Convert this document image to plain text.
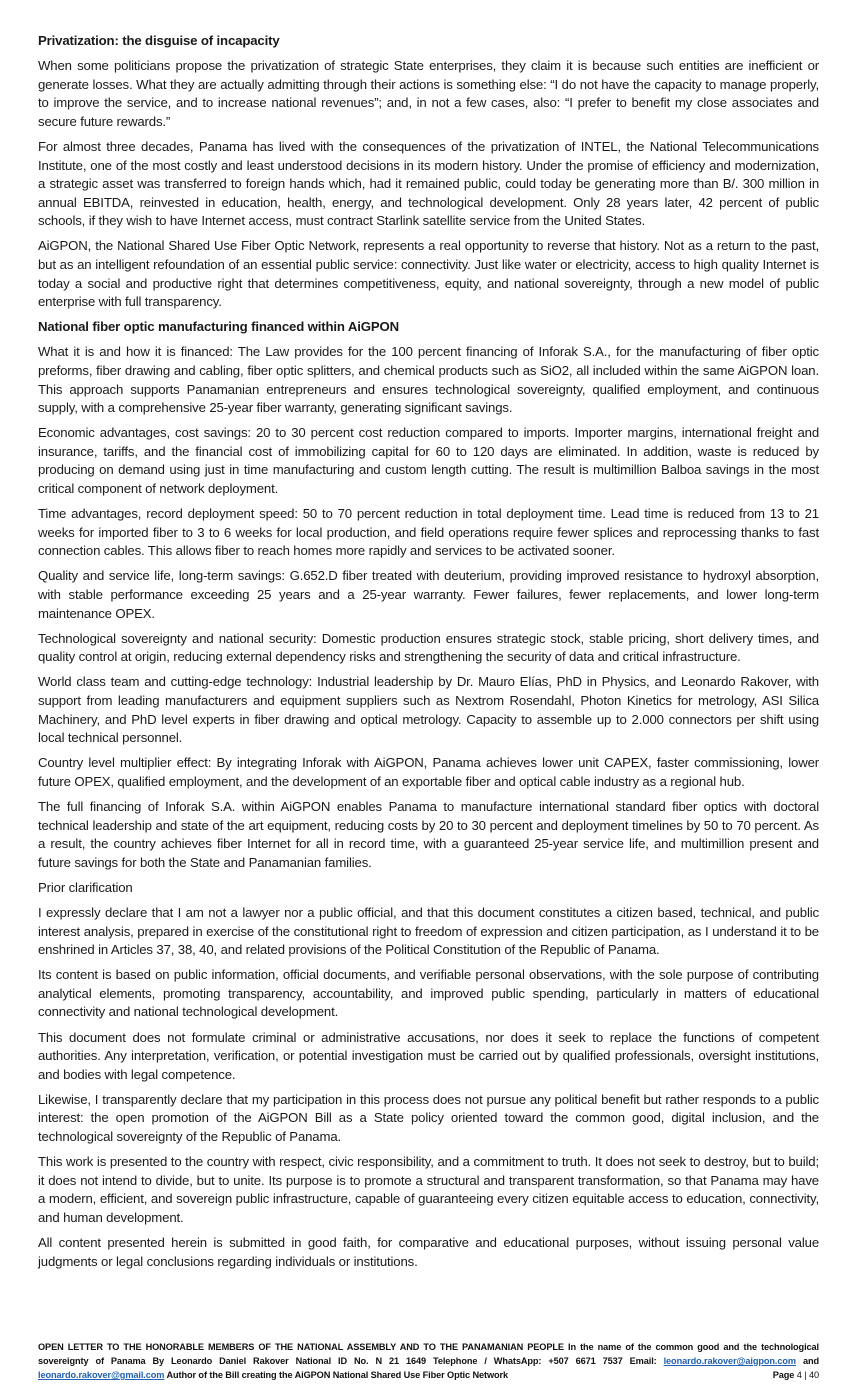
Privatization: the disguise of incapacity

When some politicians propose the privatization of strategic State enterprises, they claim it is because such entities are inefficient or generate losses. What they are actually admitting through their actions is something else: “I do not have the capacity to manage properly, to improve the service, and to increase national revenues”; and, in not a few cases, also: “I prefer to benefit my close associates and secure future rewards.”

For almost three decades, Panama has lived with the consequences of the privatization of INTEL, the National Telecommunications Institute, one of the most costly and least understood decisions in its modern history. Under the promise of efficiency and modernization, a strategic asset was transferred to foreign hands which, had it remained public, could today be generating more than B/. 300 million in annual EBITDA, reinvested in education, health, energy, and technological development. Only 28 years later, 42 percent of public schools, if they wish to have Internet access, must contract Starlink satellite service from the United States.

AiGPON, the National Shared Use Fiber Optic Network, represents a real opportunity to reverse that history. Not as a return to the past, but as an intelligent refoundation of an essential public service: connectivity. Just like water or electricity, access to high quality Internet is today a social and productive right that determines competitiveness, equity, and national sovereignty, through a new model of public enterprise with full transparency.

National fiber optic manufacturing financed within AiGPON

What it is and how it is financed: The Law provides for the 100 percent financing of Inforak S.A., for the manufacturing of fiber optic preforms, fiber drawing and cabling, fiber optic splitters, and chemical products such as SiO2, all included within the same AiGPON loan. This approach supports Panamanian entrepreneurs and ensures technological sovereignty, qualified employment, and continuous supply, with a comprehensive 25-year fiber warranty, generating significant savings.

Economic advantages, cost savings: 20 to 30 percent cost reduction compared to imports. Importer margins, international freight and insurance, tariffs, and the financial cost of immobilizing capital for 60 to 120 days are eliminated. In addition, waste is reduced by producing on demand using just in time manufacturing and custom length cutting. The result is multimillion Balboa savings in the most critical component of network deployment.

Time advantages, record deployment speed: 50 to 70 percent reduction in total deployment time. Lead time is reduced from 13 to 21 weeks for imported fiber to 3 to 6 weeks for local production, and field operations require fewer splices and reprocessing thanks to fast connection cables. This allows fiber to reach homes more rapidly and services to be activated sooner.

Quality and service life, long-term savings: G.652.D fiber treated with deuterium, providing improved resistance to hydroxyl absorption, with stable performance exceeding 25 years and a 25-year warranty. Fewer failures, fewer replacements, and lower long-term maintenance OPEX.

Technological sovereignty and national security: Domestic production ensures strategic stock, stable pricing, short delivery times, and quality control at origin, reducing external dependency risks and strengthening the security of data and critical infrastructure.

World class team and cutting-edge technology: Industrial leadership by Dr. Mauro Elías, PhD in Physics, and Leonardo Rakover, with support from leading manufacturers and equipment suppliers such as Nextrom Rosendahl, Photon Kinetics for metrology, ASI Silica Machinery, and PhD level experts in fiber drawing and optical metrology. Capacity to assemble up to 2.000 connectors per shift using local technical personnel.

Country level multiplier effect: By integrating Inforak with AiGPON, Panama achieves lower unit CAPEX, faster commissioning, lower future OPEX, qualified employment, and the development of an exportable fiber and optical cable industry as a regional hub.

The full financing of Inforak S.A. within AiGPON enables Panama to manufacture international standard fiber optics with doctoral technical leadership and state of the art equipment, reducing costs by 20 to 30 percent and deployment timelines by 50 to 70 percent. As a result, the country achieves fiber Internet for all in record time, with a guaranteed 25-year service life, and multimillion present and future savings for both the State and Panamanian families.

Prior clarification

I expressly declare that I am not a lawyer nor a public official, and that this document constitutes a citizen based, technical, and public interest analysis, prepared in exercise of the constitutional right to freedom of expression and citizen participation, as I understand it to be enshrined in Articles 37, 38, 40, and related provisions of the Political Constitution of the Republic of Panama.

Its content is based on public information, official documents, and verifiable personal observations, with the sole purpose of contributing analytical elements, promoting transparency, accountability, and improved public spending, particularly in matters of educational connectivity and national technological development.

This document does not formulate criminal or administrative accusations, nor does it seek to replace the functions of competent authorities. Any interpretation, verification, or potential investigation must be carried out by qualified professionals, oversight institutions, and bodies with legal competence.

Likewise, I transparently declare that my participation in this process does not pursue any political benefit but rather responds to a public interest: the open promotion of the AiGPON Bill as a State policy oriented toward the common good, digital inclusion, and the technological sovereignty of the Republic of Panama.

This work is presented to the country with respect, civic responsibility, and a commitment to truth. It does not seek to destroy, but to build; it does not intend to divide, but to unite. Its purpose is to promote a structural and transparent transformation, so that Panama may have a modern, efficient, and sovereign public infrastructure, capable of guaranteeing every citizen equitable access to education, connectivity, and human development.

All content presented herein is submitted in good faith, for comparative and educational purposes, without issuing personal value judgments or legal conclusions regarding individuals or institutions.

OPEN LETTER TO THE HONORABLE MEMBERS OF THE NATIONAL ASSEMBLY AND TO THE PANAMANIAN PEOPLE In the name of the common good and the technological sovereignty of Panama By Leonardo Daniel Rakover National ID No. N 21 1649 Telephone / WhatsApp: +507 6671 7537 Email: leonardo.rakover@aigpon.com and leonardo.rakover@gmail.com Author of the Bill creating the AiGPON National Shared Use Fiber Optic Network	Page 4 | 40
